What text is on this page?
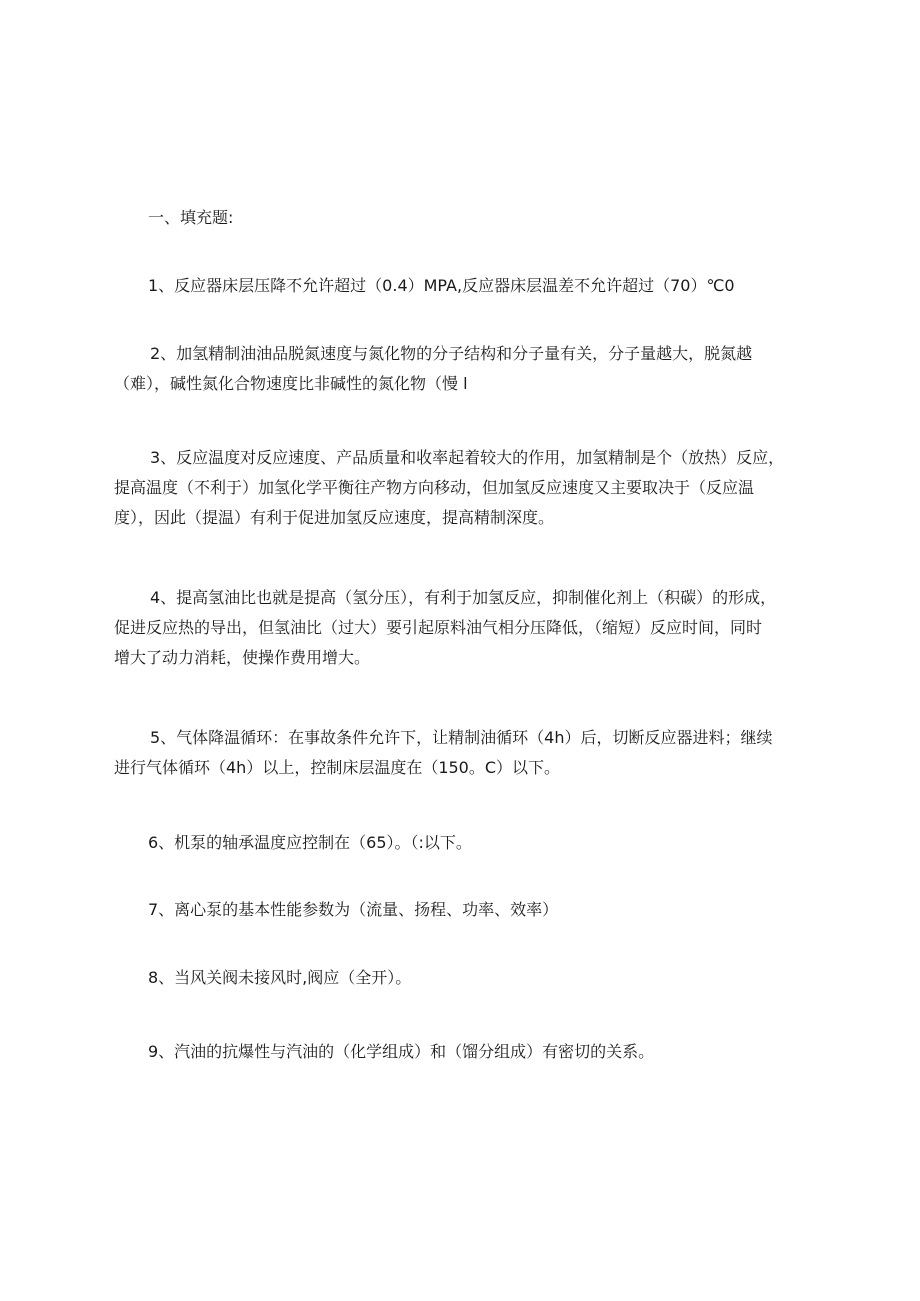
一、填充题:

1、反应器床层压降不允许超过（0.4）MPA,反应器床层温差不允许超过（70）℃0

2、加氢精制油油品脱氮速度与氮化物的分子结构和分子量有关，分子量越大，脱氮越
（难），碱性氮化合物速度比非碱性的氮化物（慢 l

3、反应温度对反应速度、产品质量和收率起着较大的作用，加氢精制是个（放热）反应，
提高温度（不利于）加氢化学平衡往产物方向移动，但加氢反应速度又主要取决于（反应温
度），因此（提温）有利于促进加氢反应速度，提高精制深度。

4、提高氢油比也就是提高（氢分压），有利于加氢反应，抑制催化剂上（积碳）的形成，
促进反应热的导出，但氢油比（过大）要引起原料油气相分压降低，（缩短）反应时间，同时
增大了动力消耗，使操作费用增大。

5、气体降温循环：在事故条件允许下，让精制油循环（4h）后，切断反应器进料；继续
进行气体循环（4h）以上，控制床层温度在（150。C）以下。

6、机泵的轴承温度应控制在（65）。（:以下。

7、离心泵的基本性能参数为（流量、扬程、功率、效率）

8、当风关阀未接风时,阀应（全开）。

9、汽油的抗爆性与汽油的（化学组成）和（馏分组成）有密切的关系。
